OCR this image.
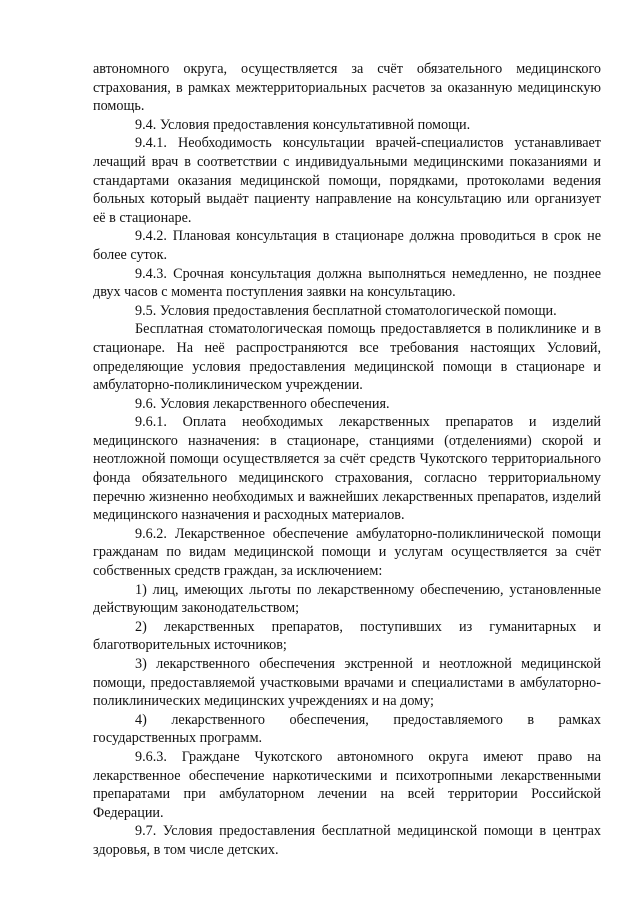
автономного округа, осуществляется за счёт обязательного медицинского страхования, в рамках межтерриториальных расчетов за оказанную медицинскую помощь.

9.4. Условия предоставления консультативной помощи.

9.4.1. Необходимость консультации врачей-специалистов устанавливает лечащий врач в соответствии с индивидуальными медицинскими показаниями и стандартами оказания медицинской помощи, порядками, протоколами ведения больных который выдаёт пациенту направление на консультацию или организует её в стационаре.

9.4.2. Плановая консультация в стационаре должна проводиться в срок не более суток.

9.4.3. Срочная консультация должна выполняться немедленно, не позднее двух часов с момента поступления заявки на консультацию.

9.5. Условия предоставления бесплатной стоматологической помощи.

Бесплатная стоматологическая помощь предоставляется в поликлинике и в стационаре. На неё распространяются все требования настоящих Условий, определяющие условия предоставления медицинской помощи в стационаре и амбулаторно-поликлиническом учреждении.

9.6. Условия лекарственного обеспечения.

9.6.1. Оплата необходимых лекарственных препаратов и изделий медицинского назначения: в стационаре, станциями (отделениями) скорой и неотложной помощи осуществляется за счёт средств Чукотского территориального фонда обязательного медицинского страхования, согласно территориальному перечню жизненно необходимых и важнейших лекарственных препаратов, изделий медицинского назначения и расходных материалов.

9.6.2. Лекарственное обеспечение амбулаторно-поликлинической помощи гражданам по видам медицинской помощи и услугам осуществляется за счёт собственных средств граждан, за исключением:

1) лиц, имеющих льготы по лекарственному обеспечению, установленные действующим законодательством;

2) лекарственных препаратов, поступивших из гуманитарных и благотворительных источников;

3) лекарственного обеспечения экстренной и неотложной медицинской помощи, предоставляемой участковыми врачами и специалистами в амбулаторно-поликлинических медицинских учреждениях и на дому;

4) лекарственного обеспечения, предоставляемого в рамках государственных программ.

9.6.3. Граждане Чукотского автономного округа имеют право на лекарственное обеспечение наркотическими и психотропными лекарственными препаратами при амбулаторном лечении на всей территории Российской Федерации.

9.7. Условия предоставления бесплатной медицинской помощи в центрах здоровья, в том числе детских.
